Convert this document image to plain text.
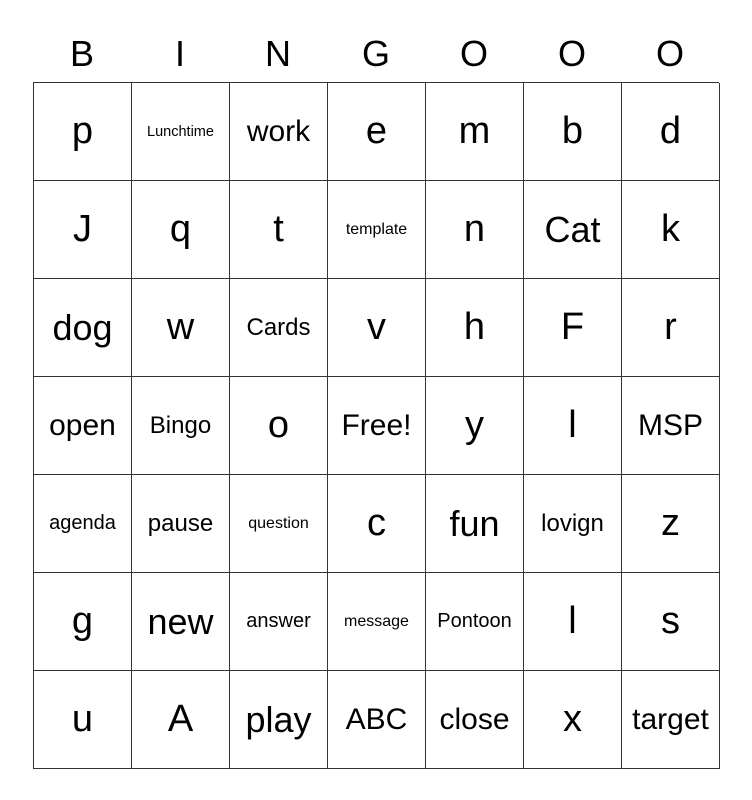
B	I	N	G	O	O	O
p	Lunchtime	work	e	m	b	d
J	q	t	template	n	Cat	k
dog	w	Cards	v	h	F	r
open	Bingo	o	Free!	y	l	MSP
agenda	pause	question	c	fun	lovign	z
g	new	answer	message	Pontoon	l	s
u	A	play	ABC	close	x	target
